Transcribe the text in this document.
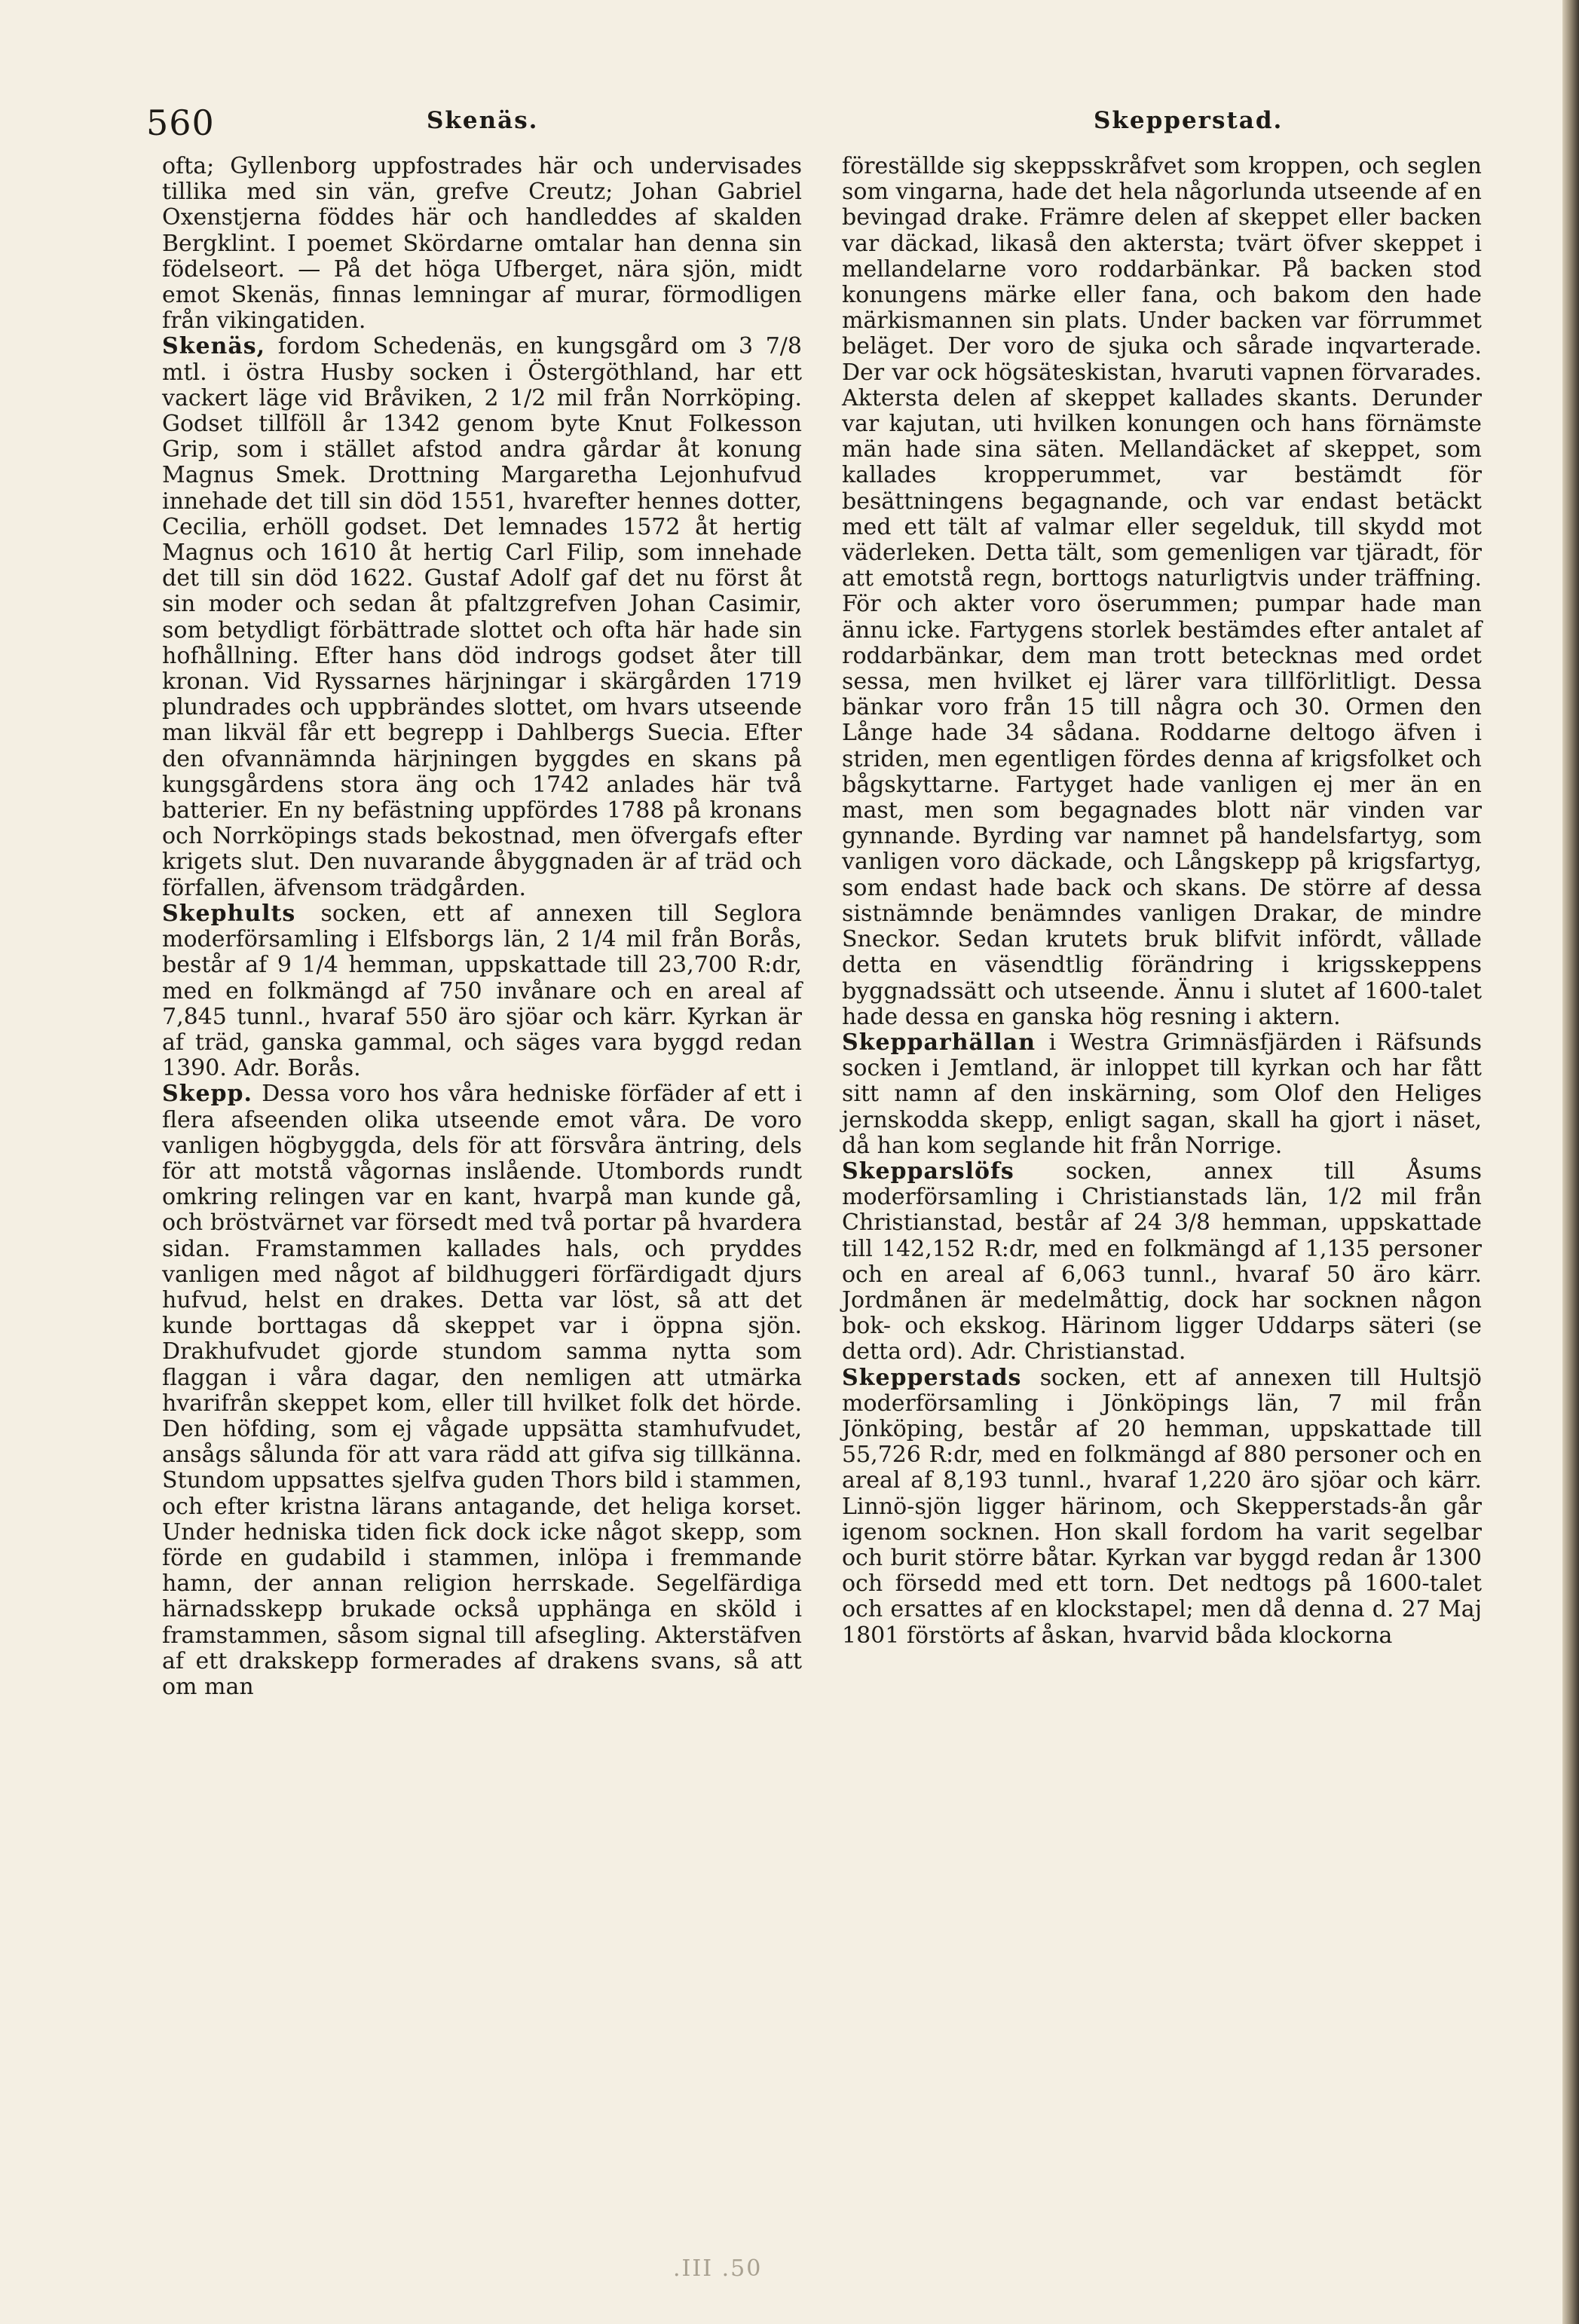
560	Skenäs.	Skepperstad.

ofta; Gyllenborg uppfostrades här och undervisades tillika med sin vän, grefve Creutz; Johan Gabriel Oxenstjerna föddes här och handleddes af skalden Bergklint. I poemet Skördarne omtalar han denna sin födelseort. — På det höga Ufberget, nära sjön, midt emot Skenäs, finnas lemningar af murar, förmodligen från vikingatiden.

Skenäs, fordom Schedenäs, en kungsgård om 3 7/8 mtl. i östra Husby socken i Östergöthland, har ett vackert läge vid Bråviken, 2 1/2 mil från Norrköping. Godset tillföll år 1342 genom byte Knut Folkesson Grip, som i stället afstod andra gårdar åt konung Magnus Smek. Drottning Margaretha Lejonhufvud innehade det till sin död 1551, hvarefter hennes dotter, Cecilia, erhöll godset. Det lemnades 1572 åt hertig Magnus och 1610 åt hertig Carl Filip, som innehade det till sin död 1622. Gustaf Adolf gaf det nu först åt sin moder och sedan åt pfaltzgrefven Johan Casimir, som betydligt förbättrade slottet och ofta här hade sin hofhållning. Efter hans död indrogs godset åter till kronan. Vid Ryssarnes härjningar i skärgården 1719 plundrades och uppbrändes slottet, om hvars utseende man likväl får ett begrepp i Dahlbergs Suecia. Efter den ofvannämnda härjningen byggdes en skans på kungsgårdens stora äng och 1742 anlades här två batterier. En ny befästning uppfördes 1788 på kronans och Norrköpings stads bekostnad, men öfvergafs efter krigets slut. Den nuvarande åbyggnaden är af träd och förfallen, äfvensom trädgården.

Skephults socken, ett af annexen till Seglora moderförsamling i Elfsborgs län, 2 1/4 mil från Borås, består af 9 1/4 hemman, uppskattade till 23,700 R:dr, med en folkmängd af 750 invånare och en areal af 7,845 tunnl., hvaraf 550 äro sjöar och kärr. Kyrkan är af träd, ganska gammal, och säges vara byggd redan 1390. Adr. Borås.

Skepp. Dessa voro hos våra hedniske förfäder af ett i flera afseenden olika utseende emot våra. De voro vanligen högbyggda, dels för att försvåra äntring, dels för att motstå vågornas inslående. Utombords rundt omkring relingen var en kant, hvarpå man kunde gå, och bröstvärnet var försedt med två portar på hvardera sidan. Framstammen kallades hals, och pryddes vanligen med något af bildhuggeri förfärdigadt djurs hufvud, helst en drakes. Detta var löst, så att det kunde borttagas då skeppet var i öppna sjön. Drakhufvudet gjorde stundom samma nytta som flaggan i våra dagar, den nemligen att utmärka hvarifrån skeppet kom, eller till hvilket folk det hörde. Den höfding, som ej vågade uppsätta stamhufvudet, ansågs sålunda för att vara rädd att gifva sig tillkänna. Stundom uppsattes sjelfva guden Thors bild i stammen, och efter kristna lärans antagande, det heliga korset. Under hedniska tiden fick dock icke något skepp, som förde en gudabild i stammen, inlöpa i fremmande hamn, der annan religion herrskade. Segelfärdiga härnadsskepp brukade också upphänga en sköld i framstammen, såsom signal till afsegling. Akterstäfven af ett drakskepp formerades af drakens svans, så att om man

föreställde sig skeppsskråfvet som kroppen, och seglen som vingarna, hade det hela någorlunda utseende af en bevingad drake. Främre delen af skeppet eller backen var däckad, likaså den aktersta; tvärt öfver skeppet i mellandelarne voro roddarbänkar. På backen stod konungens märke eller fana, och bakom den hade märkismannen sin plats. Under backen var förrummet beläget. Der voro de sjuka och sårade inqvarterade. Der var ock högsäteskistan, hvaruti vapnen förvarades. Aktersta delen af skeppet kallades skants. Derunder var kajutan, uti hvilken konungen och hans förnämste män hade sina säten. Mellandäcket af skeppet, som kallades kropperummet, var bestämdt för besättningens begagnande, och var endast betäckt med ett tält af valmar eller segelduk, till skydd mot väderleken. Detta tält, som gemenligen var tjäradt, för att emotstå regn, borttogs naturligtvis under träffning. För och akter voro öserummen; pumpar hade man ännu icke. Fartygens storlek bestämdes efter antalet af roddarbänkar, dem man trott betecknas med ordet sessa, men hvilket ej lärer vara tillförlitligt. Dessa bänkar voro från 15 till några och 30. Ormen den Långe hade 34 sådana. Roddarne deltogo äfven i striden, men egentligen fördes denna af krigsfolket och bågskyttarne. Fartyget hade vanligen ej mer än en mast, men som begagnades blott när vinden var gynnande. Byrding var namnet på handelsfartyg, som vanligen voro däckade, och Långskepp på krigsfartyg, som endast hade back och skans. De större af dessa sistnämnde benämndes vanligen Drakar, de mindre Sneckor. Sedan krutets bruk blifvit infördt, vållade detta en väsendtlig förändring i krigsskeppens byggnadssätt och utseende. Ännu i slutet af 1600-talet hade dessa en ganska hög resning i aktern.

Skepparhällan i Westra Grimnäsfjärden i Räfsunds socken i Jemtland, är inloppet till kyrkan och har fått sitt namn af den inskärning, som Olof den Heliges jernskodda skepp, enligt sagan, skall ha gjort i näset, då han kom seglande hit från Norrige.

Skepparslöfs socken, annex till Åsums moderförsamling i Christianstads län, 1/2 mil från Christianstad, består af 24 3/8 hemman, uppskattade till 142,152 R:dr, med en folkmängd af 1,135 personer och en areal af 6,063 tunnl., hvaraf 50 äro kärr. Jordmånen är medelmåttig, dock har socknen någon bok- och ekskog. Härinom ligger Uddarps säteri (se detta ord). Adr. Christianstad.

Skepperstads socken, ett af annexen till Hultsjö moderförsamling i Jönköpings län, 7 mil från Jönköping, består af 20 hemman, uppskattade till 55,726 R:dr, med en folkmängd af 880 personer och en areal af 8,193 tunnl., hvaraf 1,220 äro sjöar och kärr. Linnö-sjön ligger härinom, och Skepperstads-ån går igenom socknen. Hon skall fordom ha varit segelbar och burit större båtar. Kyrkan var byggd redan år 1300 och försedd med ett torn. Det nedtogs på 1600-talet och ersattes af en klockstapel; men då denna d. 27 Maj 1801 förstörts af åskan, hvarvid båda klockorna

.III .50
